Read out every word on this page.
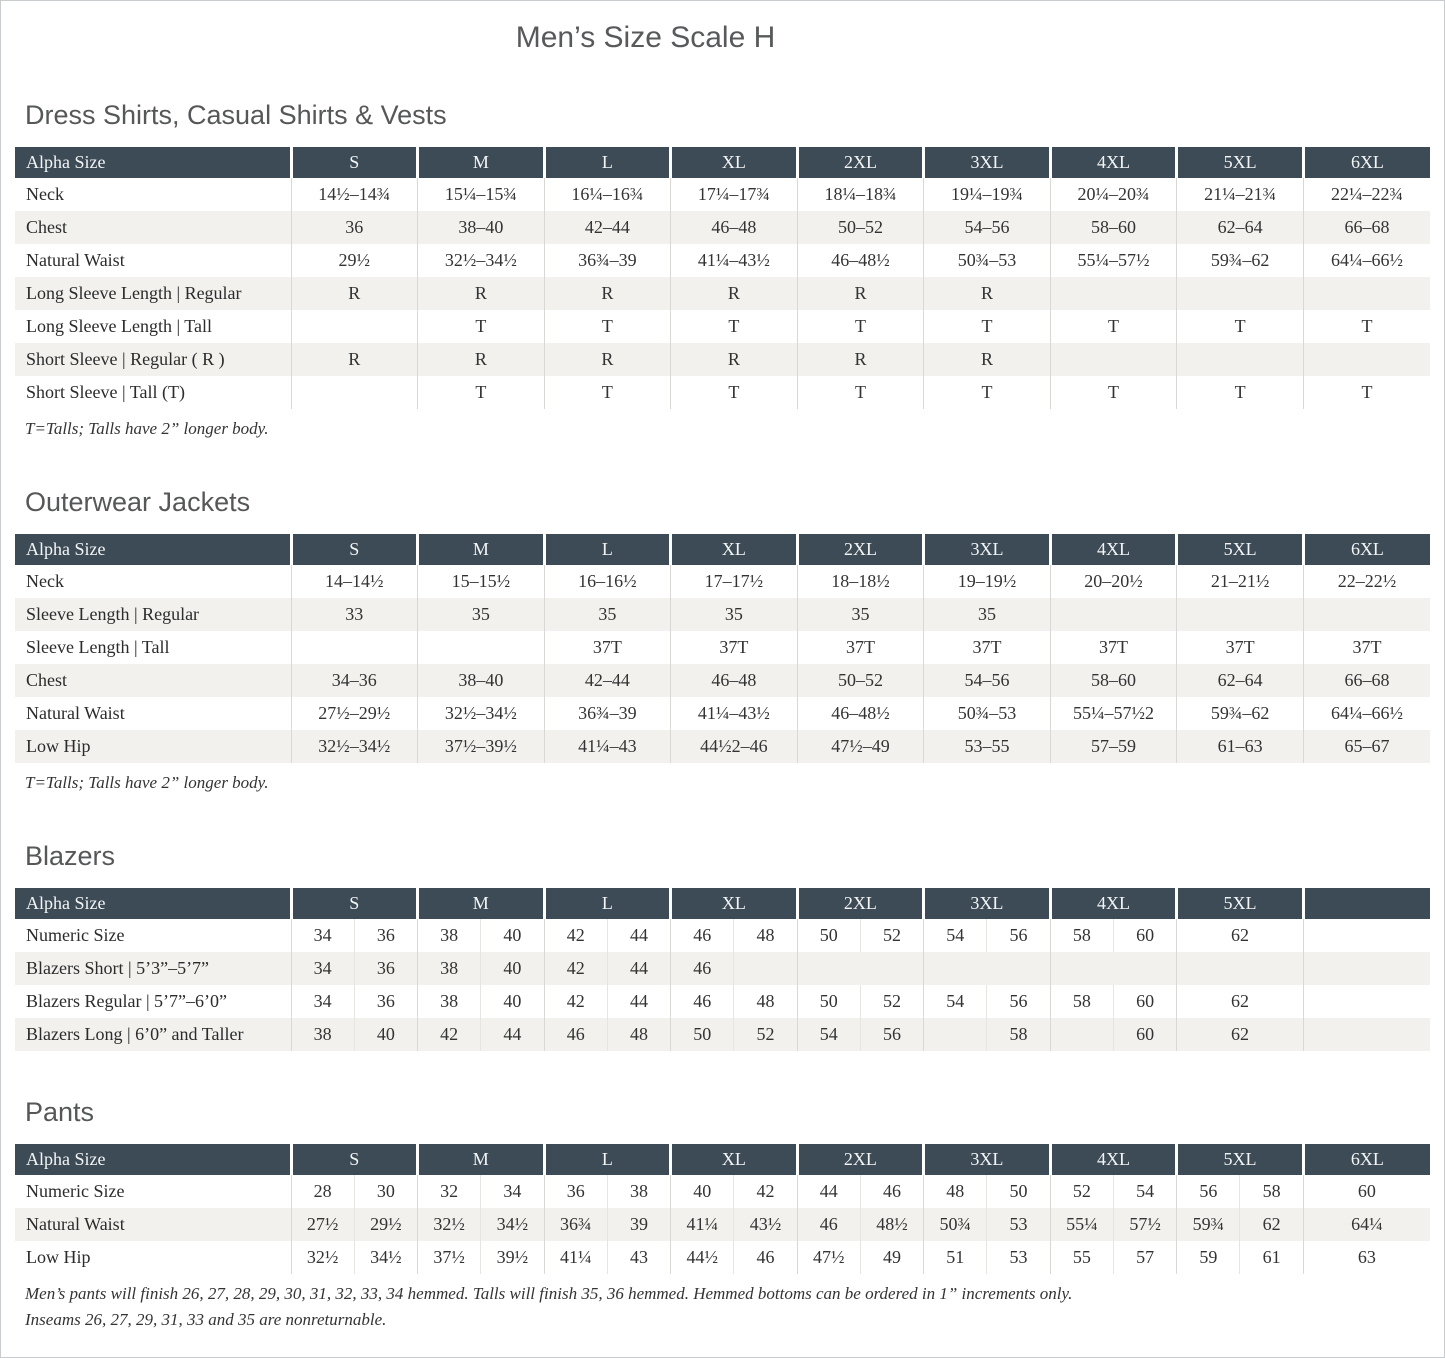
Men’s Size Scale H
Dress Shirts, Casual Shirts & Vests
Alpha Size	S	M	L	XL	2XL	3XL	4XL	5XL	6XL
Neck	14½–14¾	15¼–15¾	16¼–16¾	17¼–17¾	18¼–18¾	19¼–19¾	20¼–20¾	21¼–21¾	22¼–22¾
Chest	36	38–40	42–44	46–48	50–52	54–56	58–60	62–64	66–68
Natural Waist	29½	32½–34½	36¾–39	41¼–43½	46–48½	50¾–53	55¼–57½	59¾–62	64¼–66½
Long Sleeve Length | Regular	R	R	R	R	R	R			
Long Sleeve Length | Tall		T	T	T	T	T	T	T	T
Short Sleeve | Regular ( R )	R	R	R	R	R	R			
Short Sleeve | Tall (T)		T	T	T	T	T	T	T	T

T=Talls; Talls have 2” longer body.

Outerwear Jackets
Alpha Size	S	M	L	XL	2XL	3XL	4XL	5XL	6XL
Neck	14–14½	15–15½	16–16½	17–17½	18–18½	19–19½	20–20½	21–21½	22–22½
Sleeve Length | Regular	33	35	35	35	35	35			
Sleeve Length | Tall			37T	37T	37T	37T	37T	37T	37T
Chest	34–36	38–40	42–44	46–48	50–52	54–56	58–60	62–64	66–68
Natural Waist	27½–29½	32½–34½	36¾–39	41¼–43½	46–48½	50¾–53	55¼–57½2	59¾–62	64¼–66½
Low Hip	32½–34½	37½–39½	41¼–43	44½2–46	47½–49	53–55	57–59	61–63	65–67

T=Talls; Talls have 2” longer body.

Blazers
Alpha Size	S		M		L		XL		2XL		3XL		4XL		5XL	
Numeric Size	34	36	38	40	42	44	46	48	50	52	54	56	58	60	62	
Blazers Short | 5’3”–5’7”	34	36	38	40	42	44	46									
Blazers Regular | 5’7”–6’0”	34	36	38	40	42	44	46	48	50	52	54	56	58	60	62	
Blazers Long | 6’0” and Taller	38	40	42	44	46	48	50	52	54	56		58		60	62	
Pants
Alpha Size	S		M		L		XL		2XL		3XL		4XL		5XL		6XL
Numeric Size	28	30	32	34	36	38	40	42	44	46	48	50	52	54	56	58	60
Natural Waist	27½	29½	32½	34½	36¾	39	41¼	43½	46	48½	50¾	53	55¼	57½	59¾	62	64¼
Low Hip	32½	34½	37½	39½	41¼	43	44½	46	47½	49	51	53	55	57	59	61	63

Men’s pants will finish 26, 27, 28, 29, 30, 31, 32, 33, 34 hemmed. Talls will finish 35, 36 hemmed. Hemmed bottoms can be ordered in 1” increments only.

Inseams 26, 27, 29, 31, 33 and 35 are nonreturnable.
